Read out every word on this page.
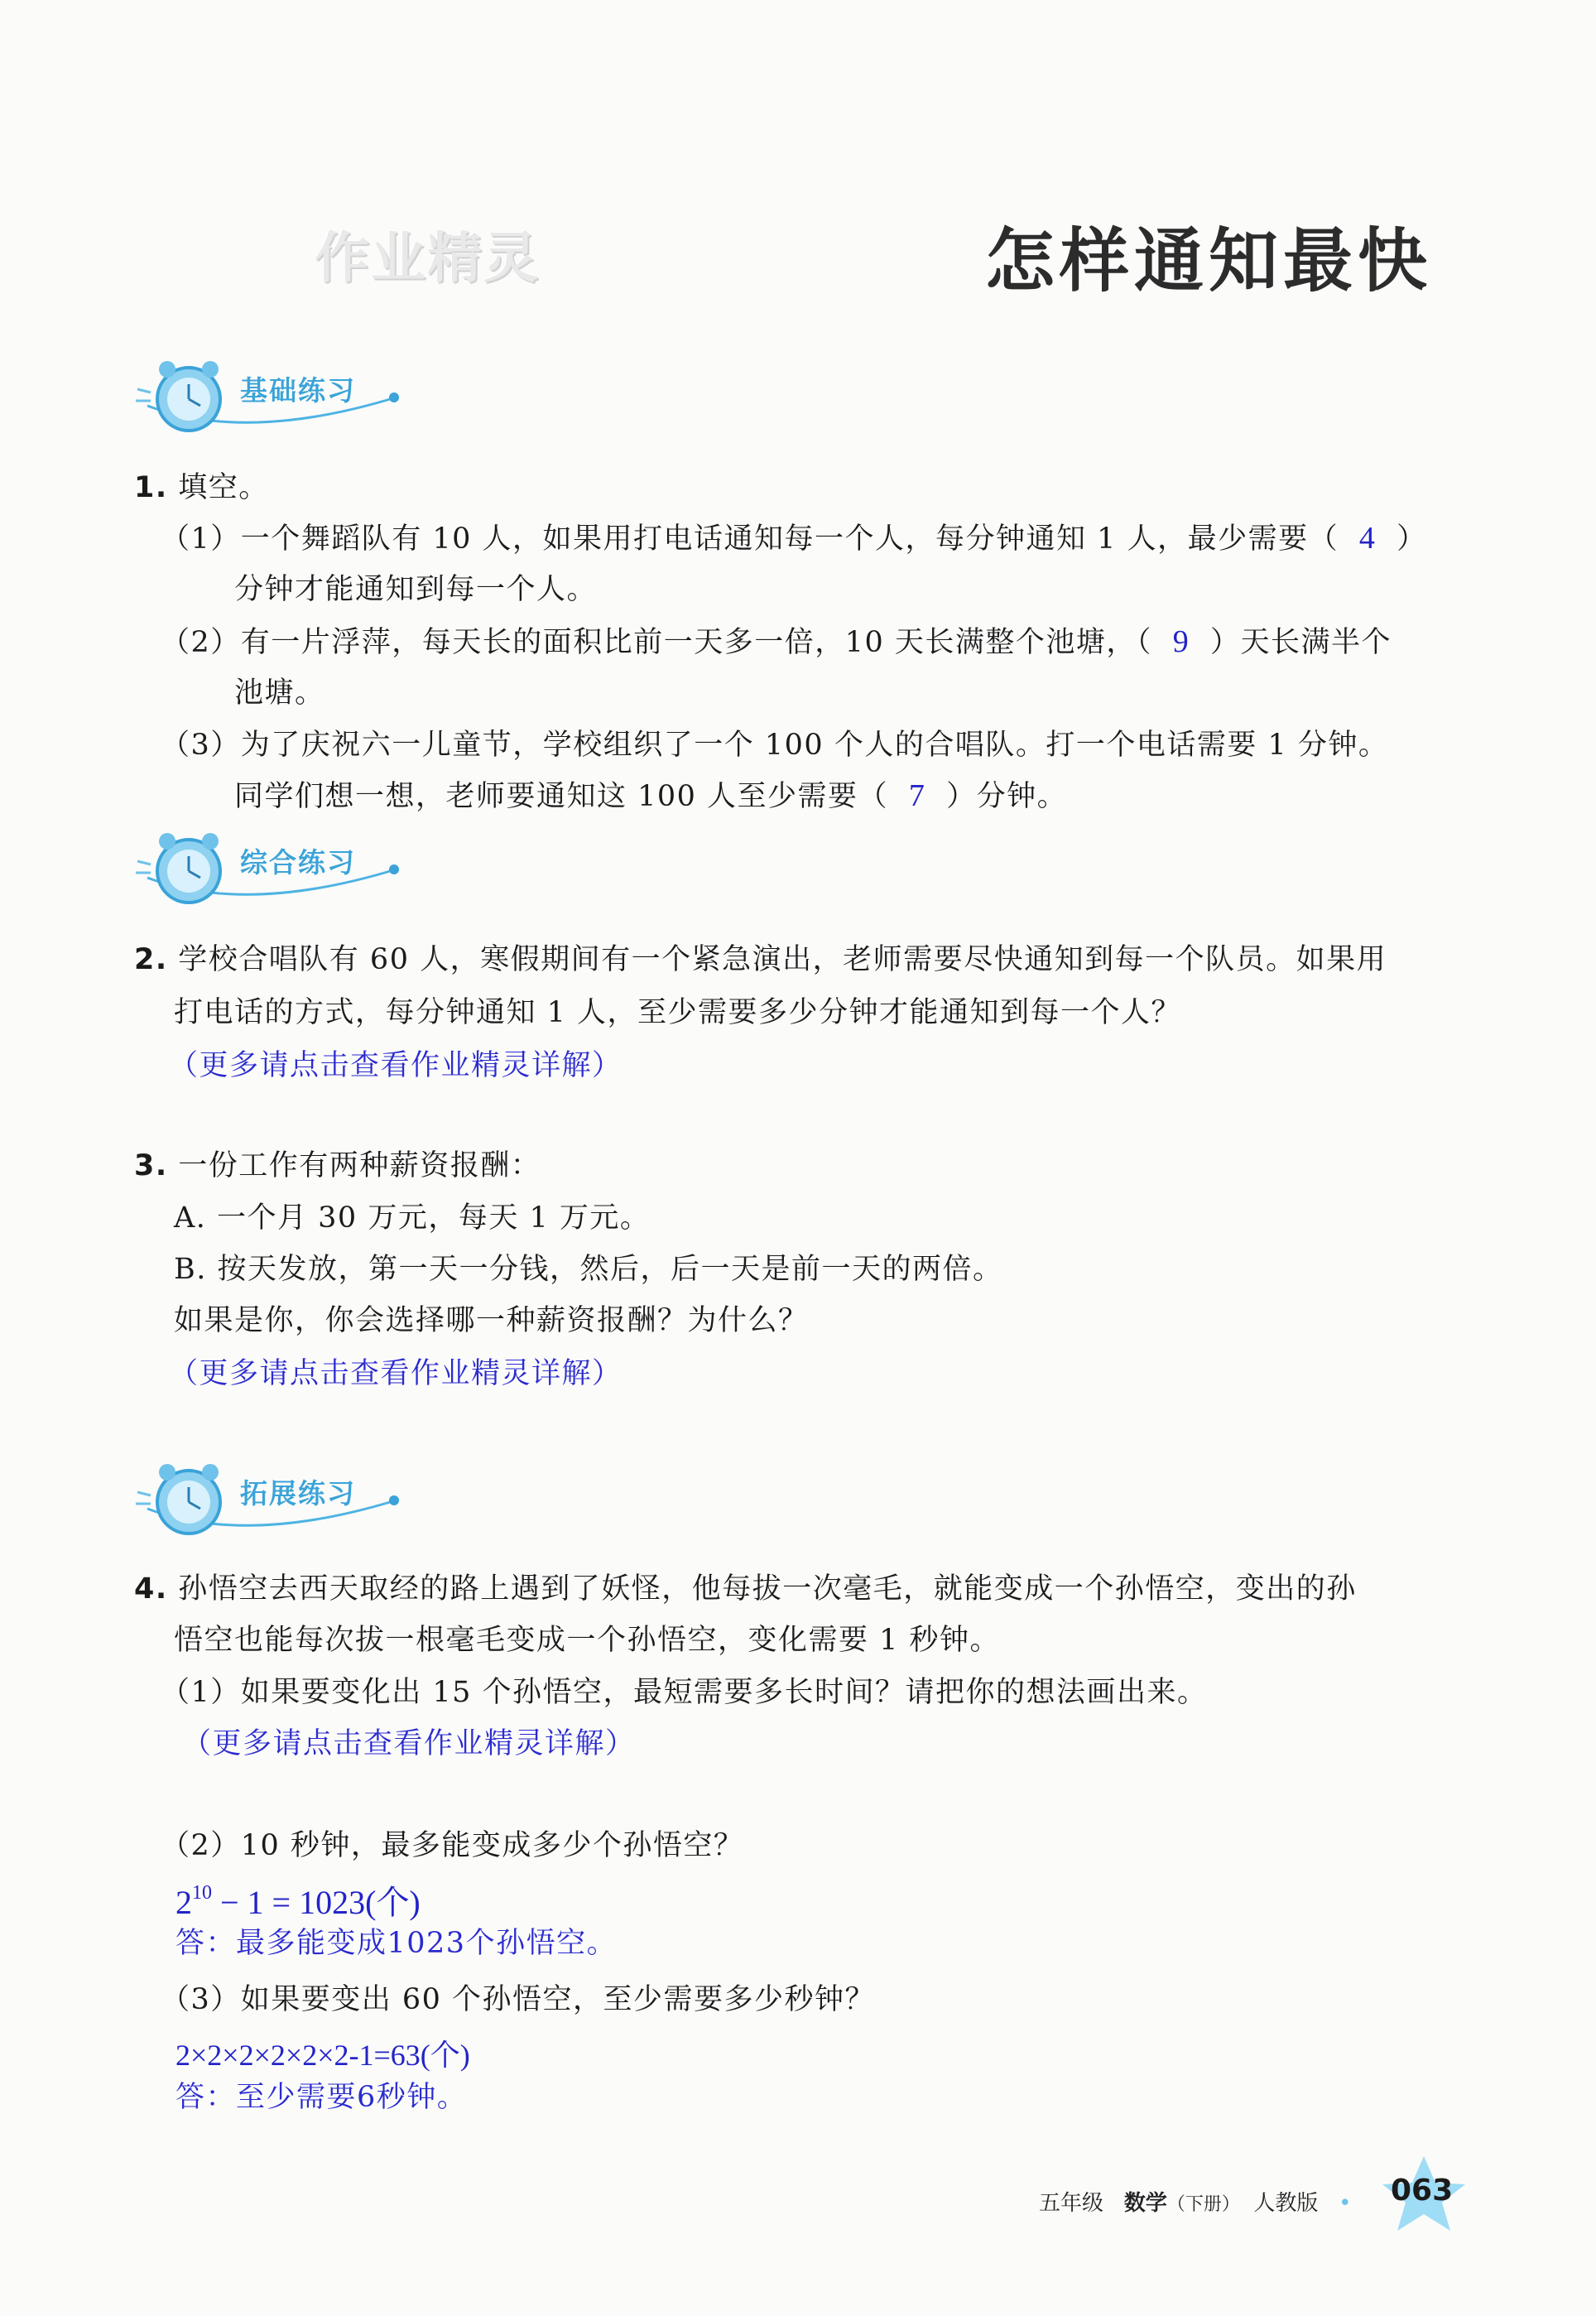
作业精灵	怎样通知最快
基础练习
1. 填空。
（1）一个舞蹈队有 10 人，如果用打电话通知每一个人，每分钟通知 1 人，最少需要（ 4 ）
分钟才能通知到每一个人。
（2）有一片浮萍，每天长的面积比前一天多一倍，10 天长满整个池塘，（ 9 ）天长满半个
池塘。
（3）为了庆祝六一儿童节，学校组织了一个 100 个人的合唱队。打一个电话需要 1 分钟。
同学们想一想，老师要通知这 100 人至少需要（ 7 ）分钟。
综合练习
2. 学校合唱队有 60 人，寒假期间有一个紧急演出，老师需要尽快通知到每一个队员。如果用
打电话的方式，每分钟通知 1 人，至少需要多少分钟才能通知到每一个人？
（更多请点击查看作业精灵详解）
3. 一份工作有两种薪资报酬：
A. 一个月 30 万元，每天 1 万元。
B. 按天发放，第一天一分钱，然后，后一天是前一天的两倍。
如果是你，你会选择哪一种薪资报酬？为什么？
（更多请点击查看作业精灵详解）
拓展练习
4. 孙悟空去西天取经的路上遇到了妖怪，他每拔一次毫毛，就能变成一个孙悟空，变出的孙
悟空也能每次拔一根毫毛变成一个孙悟空，变化需要 1 秒钟。
（1）如果要变化出 15 个孙悟空，最短需要多长时间？请把你的想法画出来。
（更多请点击查看作业精灵详解）
（2）10 秒钟，最多能变成多少个孙悟空？
$2^{10} - 1 = 1023$(个)
答：最多能变成1023个孙悟空。
（3）如果要变出 60 个孙悟空，至少需要多少秒钟？
2×2×2×2×2×2-1=63(个)
答：至少需要6秒钟。
五年级 数学（下册） 人教版   • 063
